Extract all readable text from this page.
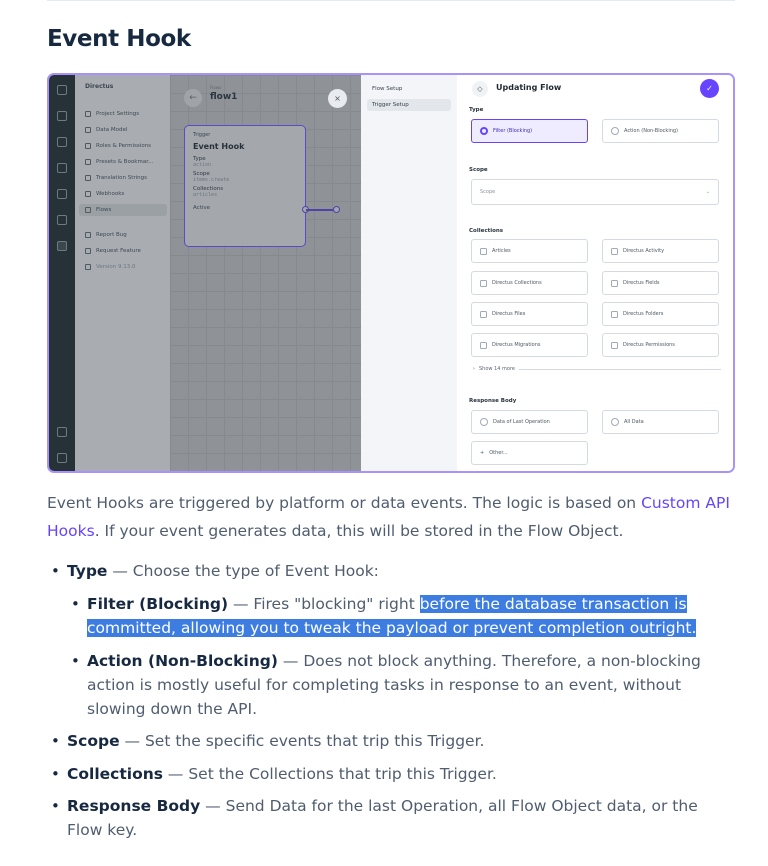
Event Hook
Directus
Project Settings
Data Model
Roles & Permissions
Presets & Bookmar...
Translation Strings
Webhooks
Flows
Report Bug
Request Feature
Version 9.13.0
←
Flows
flow1	×
Trigger
Event Hook
Type
action
Scope
items.create
Collections
articles
Active
Flow Setup
Trigger Setup
◇	Updating Flow	✓
Type
Filter (Blocking)	Action (Non-Blocking)
Scope
Scope	⌄
Collections
Articles	Directus Activity
Directus Collections	Directus Fields
Directus Files	Directus Folders
Directus Migrations	Directus Permissions
› Show 14 more
Response Body
Data of Last Operation	All Data
+ Other...

Event Hooks are triggered by platform or data events. The logic is based on Custom API Hooks. If your event generates data, this will be stored in the Flow Object.

• Type — Choose the type of Event Hook:
• Filter (Blocking) — Fires "blocking" right before the database transaction is committed, allowing you to tweak the payload or prevent completion outright.
• Action (Non-Blocking) — Does not block anything. Therefore, a non-blocking action is mostly useful for completing tasks in response to an event, without slowing down the API.
• Scope — Set the specific events that trip this Trigger.
• Collections — Set the Collections that trip this Trigger.
• Response Body — Send Data for the last Operation, all Flow Object data, or the Flow key.
